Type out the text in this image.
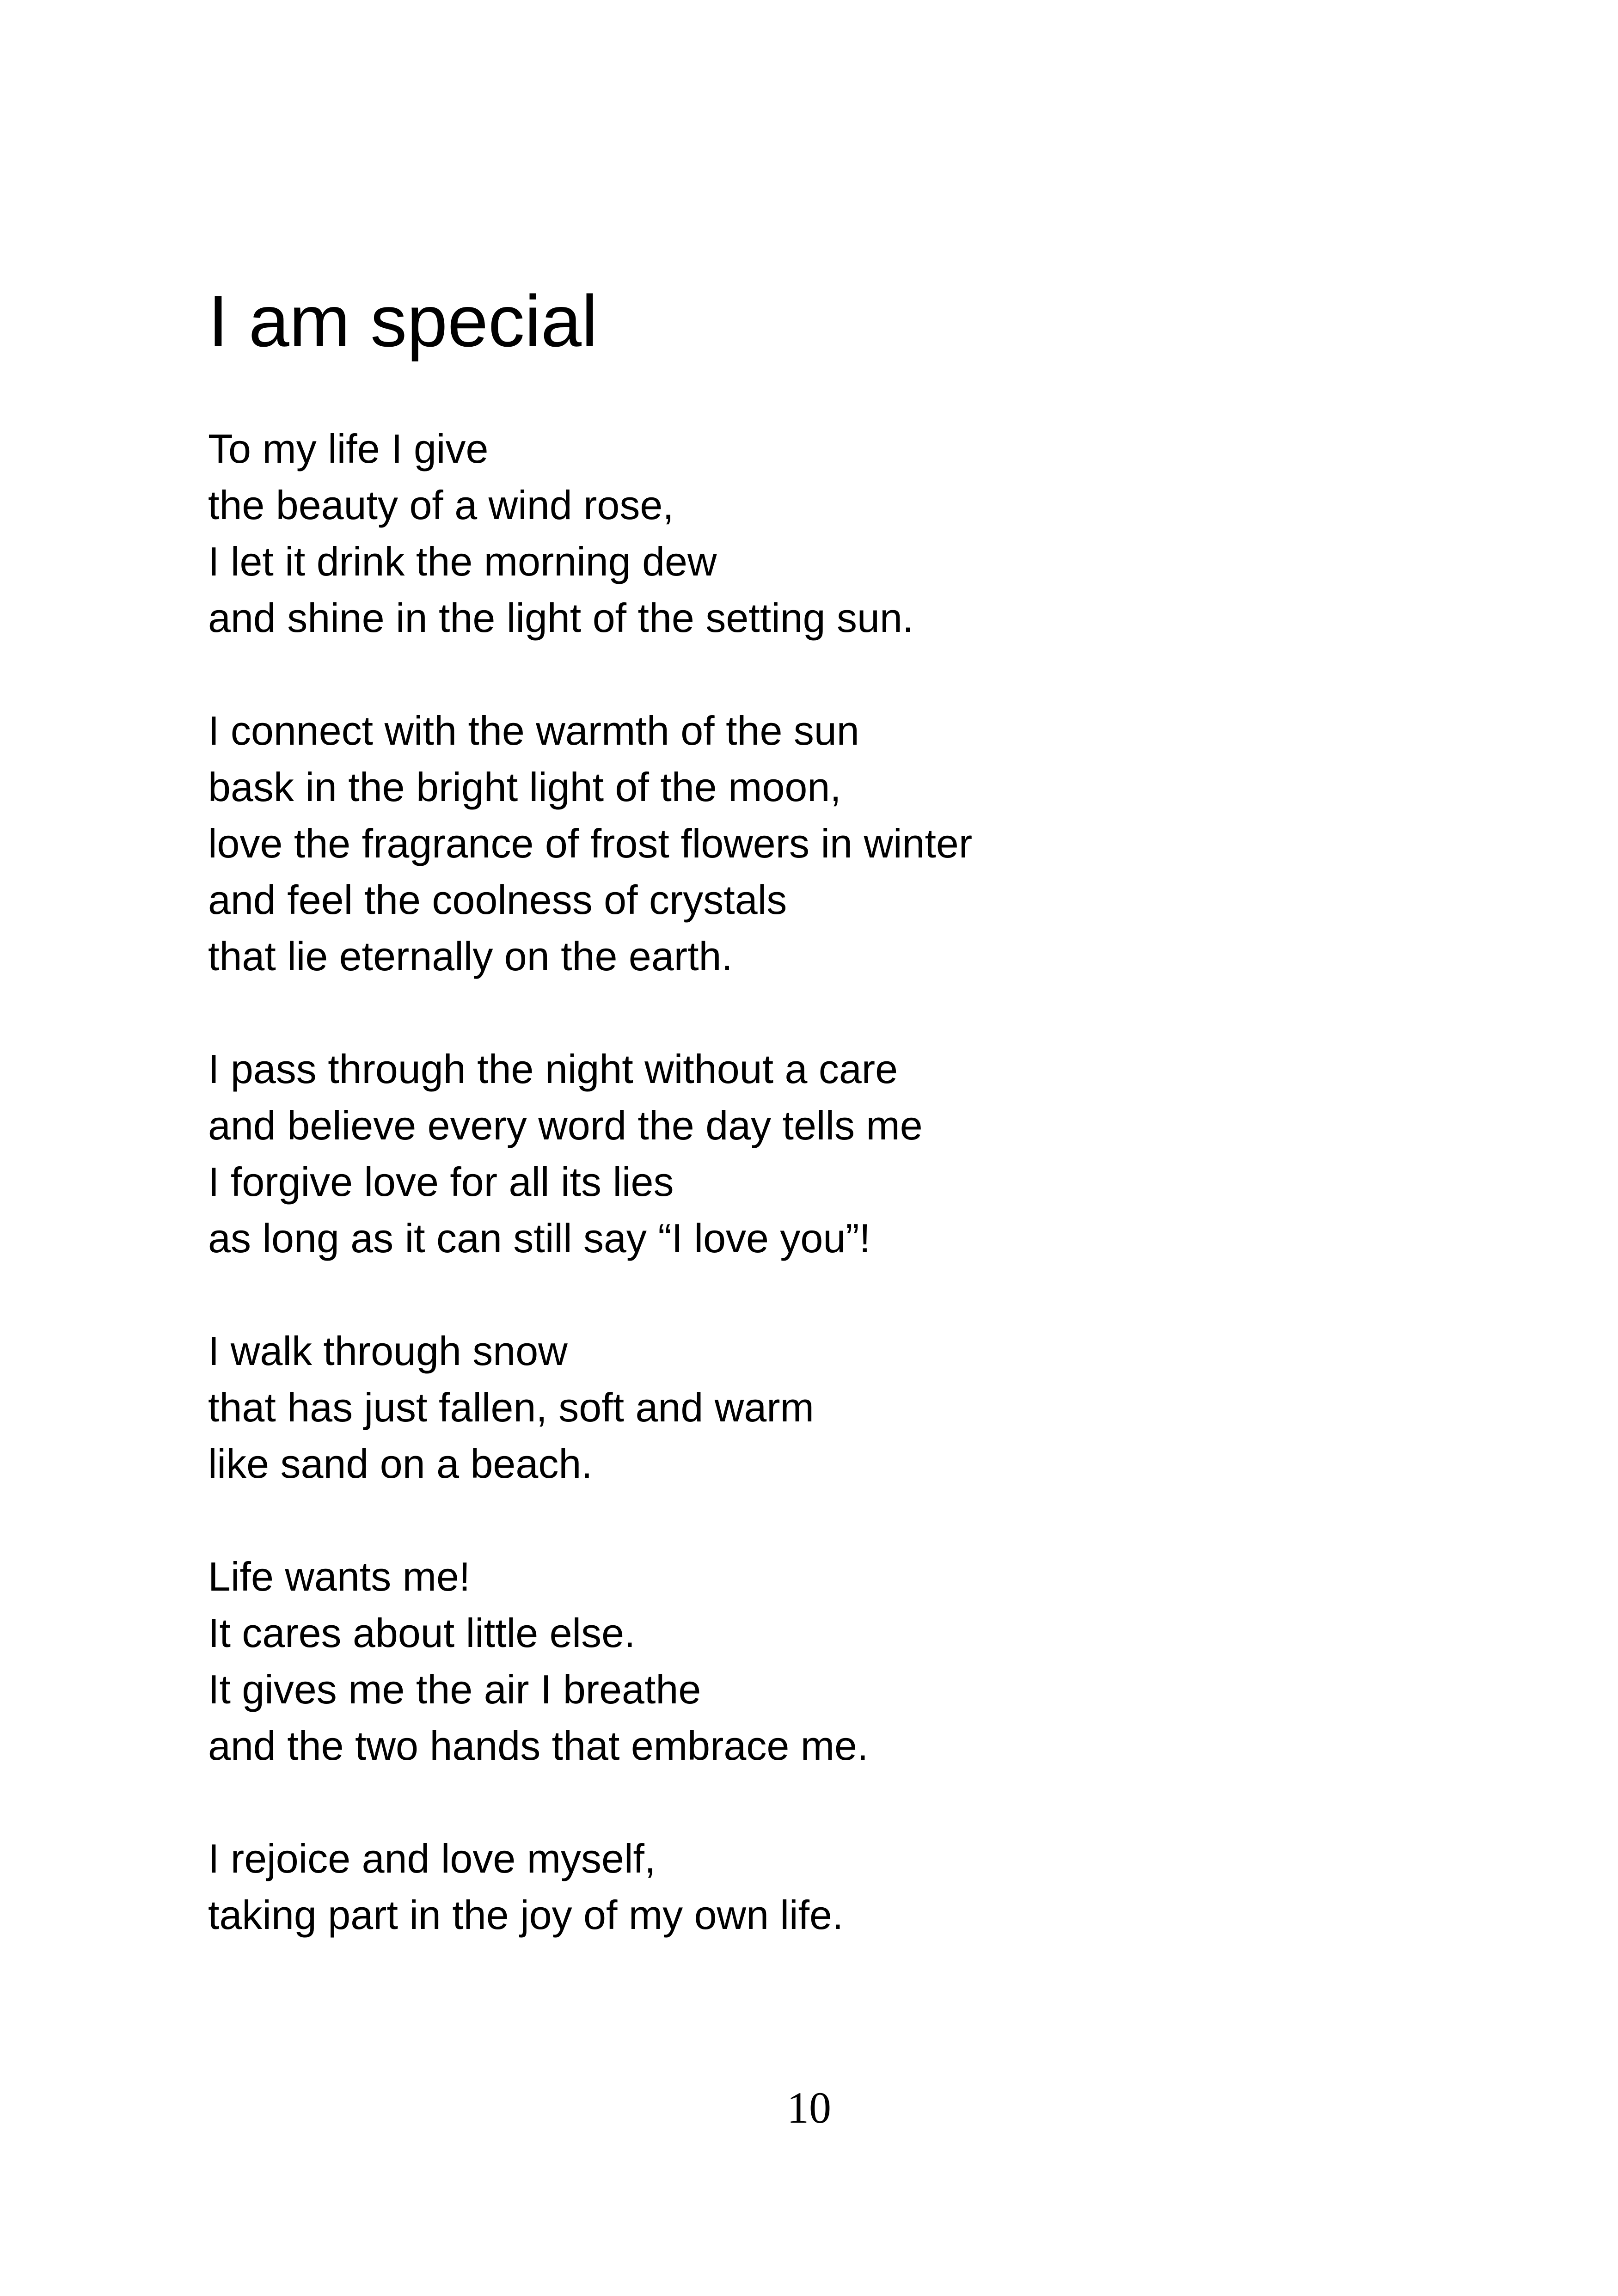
I am special

To my life I give
the beauty of a wind rose,
I let it drink the morning dew
and shine in the light of the setting sun.

I connect with the warmth of the sun
bask in the bright light of the moon,
love the fragrance of frost flowers in winter
and feel the coolness of crystals
that lie eternally on the earth.

I pass through the night without a care
and believe every word the day tells me
I forgive love for all its lies
as long as it can still say “I love you”!

I walk through snow
that has just fallen, soft and warm
like sand on a beach.

Life wants me!
It cares about little else.
It gives me the air I breathe
and the two hands that embrace me.

I rejoice and love myself,
taking part in the joy of my own life.

10
